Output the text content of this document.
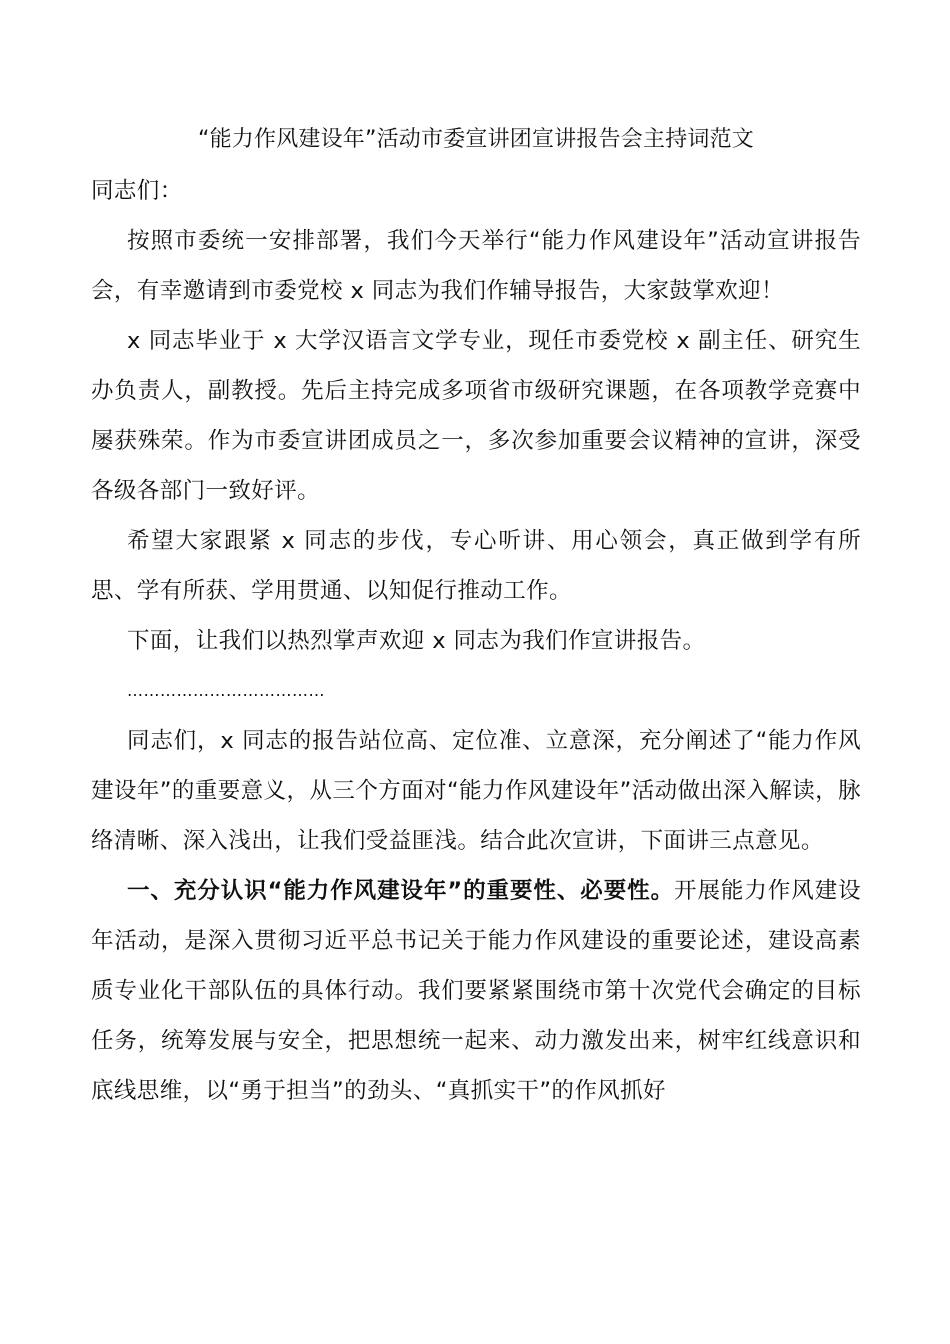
“能力作风建设年”活动市委宣讲团宣讲报告会主持词范文

同志们：

按照市委统一安排部署，我们今天举行“能力作风建设年”活动宣讲报告会，有幸邀请到市委党校 x 同志为我们作辅导报告，大家鼓掌欢迎！

x 同志毕业于 x 大学汉语言文学专业，现任市委党校 x 副主任、研究生办负责人，副教授。先后主持完成多项省市级研究课题，在各项教学竞赛中屡获殊荣。作为市委宣讲团成员之一，多次参加重要会议精神的宣讲，深受各级各部门一致好评。

希望大家跟紧 x 同志的步伐，专心听讲、用心领会，真正做到学有所思、学有所获、学用贯通、以知促行推动工作。

下面，让我们以热烈掌声欢迎 x 同志为我们作宣讲报告。

………………………………

同志们，x 同志的报告站位高、定位准、立意深，充分阐述了“能力作风建设年”的重要意义，从三个方面对“能力作风建设年”活动做出深入解读，脉络清晰、深入浅出，让我们受益匪浅。结合此次宣讲，下面讲三点意见。

一、充分认识“能力作风建设年”的重要性、必要性。开展能力作风建设年活动，是深入贯彻习近平总书记关于能力作风建设的重要论述，建设高素质专业化干部队伍的具体行动。我们要紧紧围绕市第十次党代会确定的目标任务，统筹发展与安全，把思想统一起来、动力激发出来，树牢红线意识和底线思维，以“勇于担当”的劲头、“真抓实干”的作风抓好
